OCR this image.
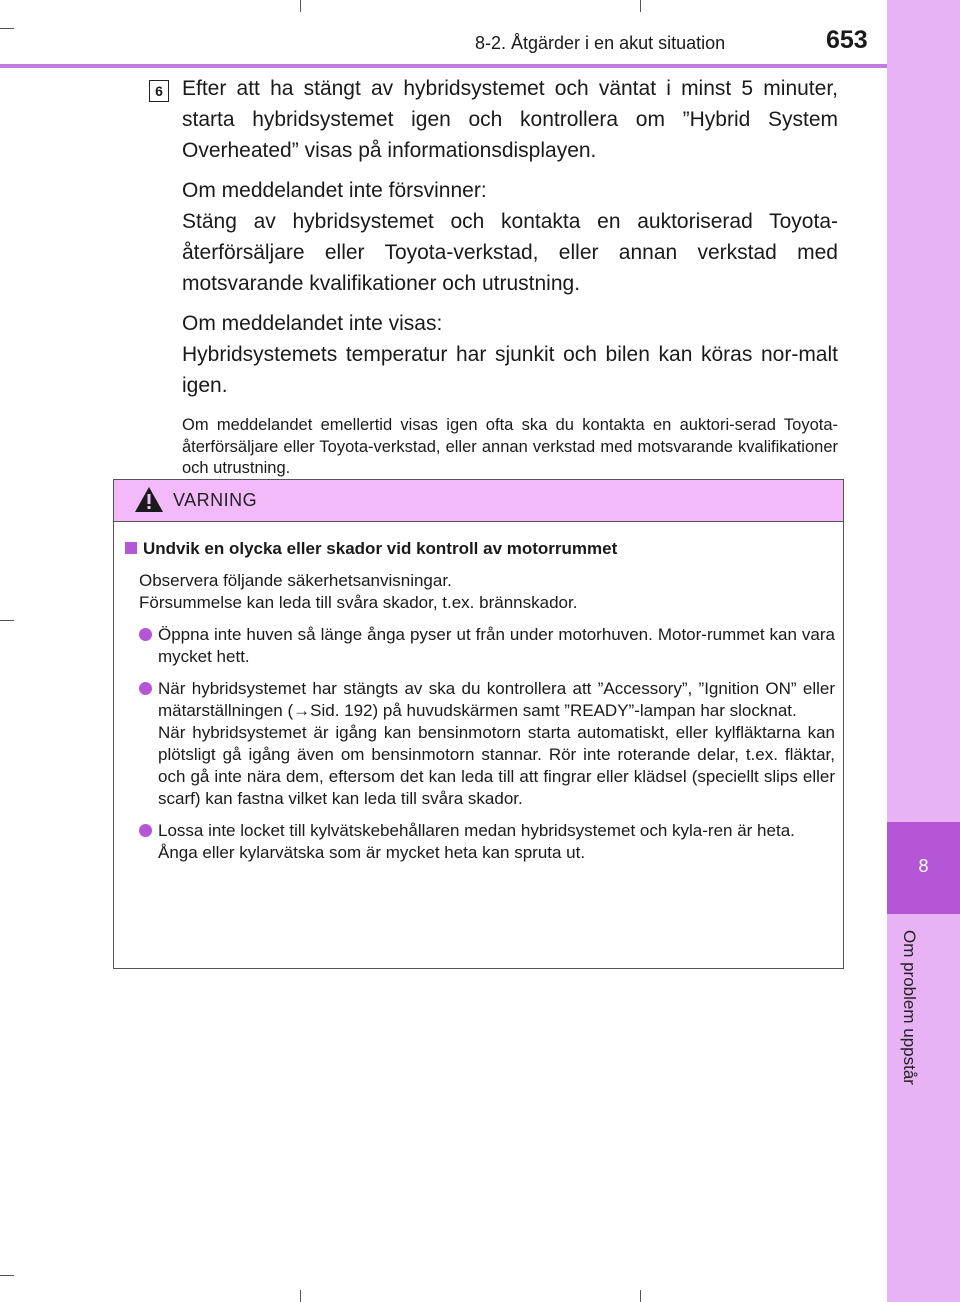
8
Om problem uppstår
8-2. Åtgärder i en akut situation	653
6 Efter att ha stängt av hybridsystemet och väntat i minst 5 minuter, starta hybridsystemet igen och kontrollera om ”Hybrid System Overheated” visas på informationsdisplayen.

Om meddelandet inte försvinner:

Stäng av hybridsystemet och kontakta en auktoriserad Toyota-återförsäljare eller Toyota-verkstad, eller annan verkstad med motsvarande kvalifikationer och utrustning.

Om meddelandet inte visas:

Hybridsystemets temperatur har sjunkit och bilen kan köras nor-malt igen.

Om meddelandet emellertid visas igen ofta ska du kontakta en auktori-serad Toyota-återförsäljare eller Toyota-verkstad, eller annan verkstad med motsvarande kvalifikationer och utrustning.
VARNING
Undvik en olycka eller skador vid kontroll av motorrummet
Observera följande säkerhetsanvisningar.
Försummelse kan leda till svåra skador, t.ex. brännskador.
Öppna inte huven så länge ånga pyser ut från under motorhuven. Motor-rummet kan vara mycket hett.
När hybridsystemet har stängts av ska du kontrollera att ”Accessory”, ”Ignition ON” eller mätarställningen (→Sid. 192) på huvudskärmen samt ”READY”-lampan har slocknat.
När hybridsystemet är igång kan bensinmotorn starta automatiskt, eller kylfläktarna kan plötsligt gå igång även om bensinmotorn stannar. Rör inte roterande delar, t.ex. fläktar, och gå inte nära dem, eftersom det kan leda till att fingrar eller klädsel (speciellt slips eller scarf) kan fastna vilket kan leda till svåra skador.
Lossa inte locket till kylvätskebehållaren medan hybridsystemet och kyla-ren är heta.
Ånga eller kylarvätska som är mycket heta kan spruta ut.
